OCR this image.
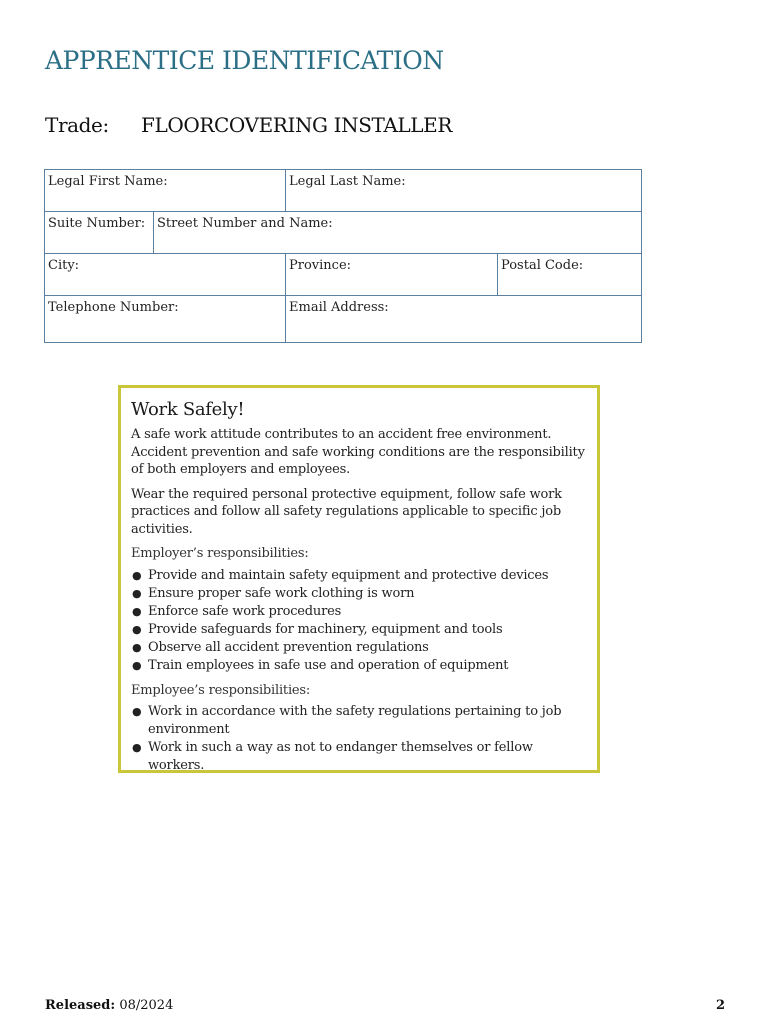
APPRENTICE IDENTIFICATION
Trade: FLOORCOVERING INSTALLER
Legal First Name:	Legal Last Name:
Suite Number: Street Number and Name:
City:	Province:	Postal Code:
Telephone Number:	Email Address:
Work Safely!

A safe work attitude contributes to an accident free environment. Accident prevention and safe working conditions are the responsibility of both employers and employees.

Wear the required personal protective equipment, follow safe work practices and follow all safety regulations applicable to specific job activities.

Employer’s responsibilities:
● Provide and maintain safety equipment and protective devices
● Ensure proper safe work clothing is worn
● Enforce safe work procedures
● Provide safeguards for machinery, equipment and tools
● Observe all accident prevention regulations
● Train employees in safe use and operation of equipment
Employee’s responsibilities:
● Work in accordance with the safety regulations pertaining to job environment
● Work in such a way as not to endanger themselves or fellow workers.
Released: 08/2024	2
